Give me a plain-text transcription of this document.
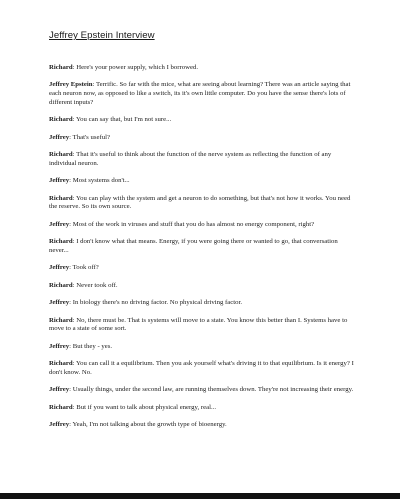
Jeffrey Epstein Interview

Richard: Here's your power supply, which I borrowed.

Jeffrey Epstein: Terrific. So far with the mice, what are seeing about learning? There was an article saying that each neuron now, as opposed to like a switch, its it's own little computer. Do you have the sense there's lots of different inputs?

Richard: You can say that, but I'm not sure...

Jeffrey: That's useful?

Richard: That it's useful to think about the function of the nerve system as reflecting the function of any individual neuron.

Jeffrey: Most systems don't...

Richard: You can play with the system and get a neuron to do something, but that's not how it works. You need the reserve. So its own source.

Jeffrey: Most of the work in viruses and stuff that you do has almost no energy component, right?

Richard: I don't know what that means. Energy, if you were going there or wanted to go, that conversation never...

Jeffrey: Took off?

Richard: Never took off.

Jeffrey: In biology there's no driving factor. No physical driving factor.

Richard: No, there must be. That is systems will move to a state. You know this better than I. Systems have to move to a state of some sort.

Jeffrey: But they - yes.

Richard: You can call it a equilibrium. Then you ask yourself what's driving it to that equilibrium. Is it energy? I don't know. No.

Jeffrey: Usually things, under the second law, are running themselves down. They're not increasing their energy.

Richard: But if you want to talk about physical energy, real...

Jeffrey: Yeah, I'm not talking about the growth type of bioenergy.
